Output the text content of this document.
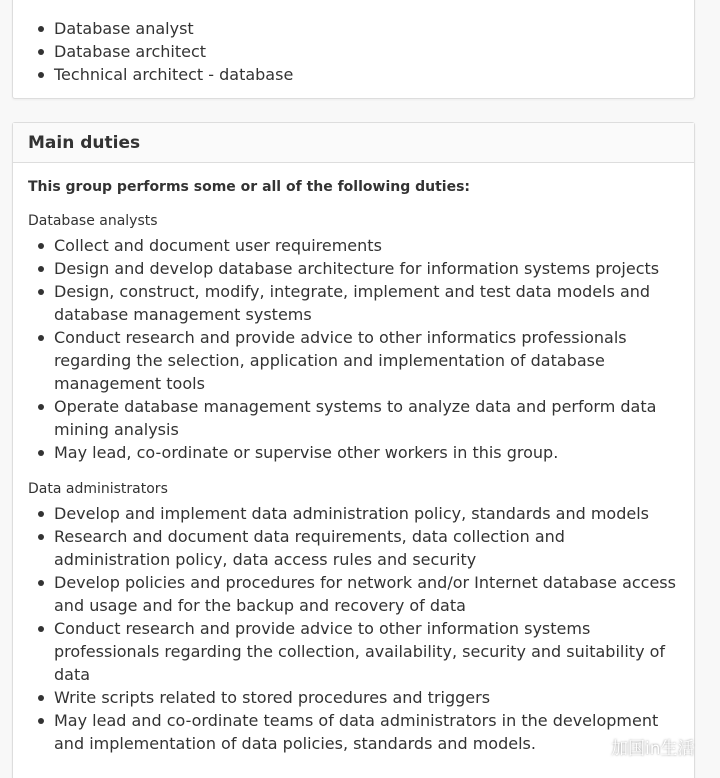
Database analyst
Database architect
Technical architect - database
Main duties

This group performs some or all of the following duties:

Database analysts

Collect and document user requirements
Design and develop database architecture for information systems projects
Design, construct, modify, integrate, implement and test data models and database management systems
Conduct research and provide advice to other informatics professionals regarding the selection, application and implementation of database management tools
Operate database management systems to analyze data and perform data mining analysis
May lead, co-ordinate or supervise other workers in this group.

Data administrators

Develop and implement data administration policy, standards and models
Research and document data requirements, data collection and administration policy, data access rules and security
Develop policies and procedures for network and/or Internet database access and usage and for the backup and recovery of data
Conduct research and provide advice to other information systems professionals regarding the collection, availability, security and suitability of data
Write scripts related to stored procedures and triggers
May lead and co-ordinate teams of data administrators in the development and implementation of data policies, standards and models.	加国in生活
